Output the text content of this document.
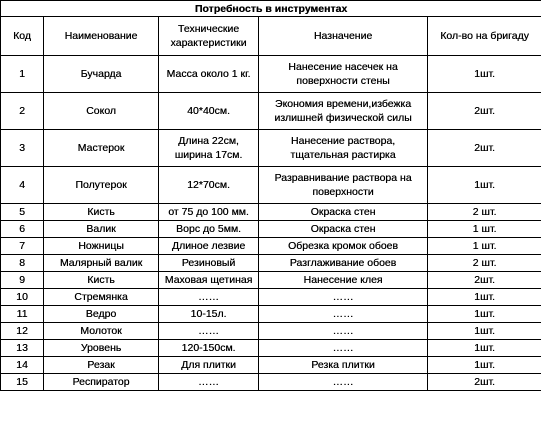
Потребность в инструментах				
Код	Наименование	Технические характеристики	Назначение	Кол-во на бригаду
1	Бучарда	Масса около 1 кг.	Нанесение насечек на поверхности стены	1шт.
2	Сокол	40*40см.	Экономия времени,избежка излишней физической силы	2шт.
3	Мастерок	Длина 22см, ширина 17см.	Нанесение раствора, тщательная растирка	2шт.
4	Полутерок	12*70см.	Разравнивание раствора на поверхности	1шт.
5	Кисть	от 75 до 100 мм.	Окраска стен	2 шт.
6	Валик	Ворс до 5мм.	Окраска стен	1 шт.
7	Ножницы	Длиное лезвие	Обрезка кромок обоев	1 шт.
8	Малярный валик	Резиновый	Разглаживание обоев	2 шт.
9	Кисть	Маховая щетиная	Нанесение клея	2шт.
10	Стремянка	……	……	1шт.
11	Ведро	10-15л.	……	1шт.
12	Молоток	……	……	1шт.
13	Уровень	120-150см.	……	1шт.
14	Резак	Для плитки	Резка плитки	1шт.
15	Респиратор	……	……	2шт.
